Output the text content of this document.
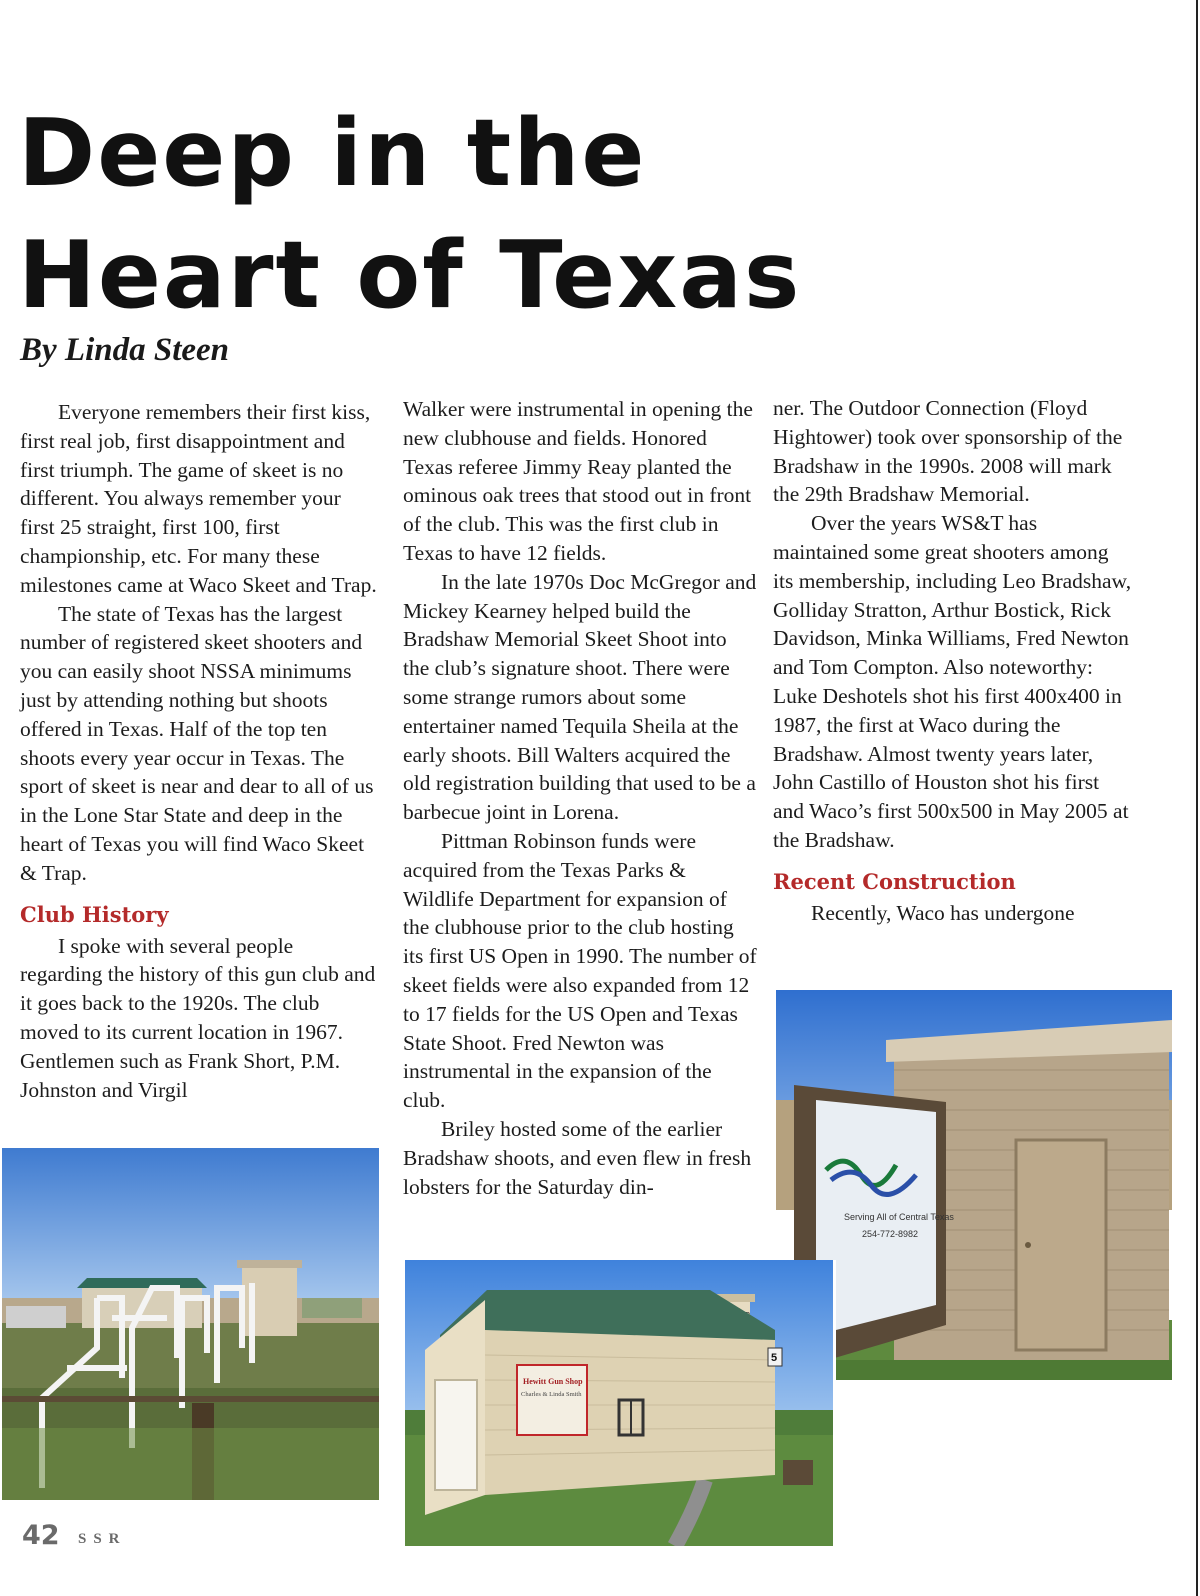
Deep in the
Heart of Texas
By Linda Steen

Everyone remembers their first kiss, first real job, first disappointment and first triumph. The game of skeet is no different. You always remember your first 25 straight, first 100, first championship, etc. For many these milestones came at Waco Skeet and Trap.

The state of Texas has the largest number of registered skeet shooters and you can easily shoot NSSA minimums just by attending nothing but shoots offered in Texas. Half of the top ten shoots every year occur in Texas. The sport of skeet is near and dear to all of us in the Lone Star State and deep in the heart of Texas you will find Waco Skeet & Trap.

Club History

I spoke with several people regarding the history of this gun club and it goes back to the 1920s. The club moved to its current location in 1967. Gentlemen such as Frank Short, P.M. Johnston and Virgil

Walker were instrumental in opening the new clubhouse and fields. Honored Texas referee Jimmy Reay planted the ominous oak trees that stood out in front of the club. This was the first club in Texas to have 12 fields.

In the late 1970s Doc McGregor and Mickey Kearney helped build the Bradshaw Memorial Skeet Shoot into the club’s signature shoot. There were some strange rumors about some entertainer named Tequila Sheila at the early shoots. Bill Walters acquired the old registration building that used to be a barbecue joint in Lorena.

Pittman Robinson funds were acquired from the Texas Parks & Wildlife Department for expansion of the clubhouse prior to the club hosting its first US Open in 1990. The number of skeet fields were also expanded from 12 to 17 fields for the US Open and Texas State Shoot. Fred Newton was instrumental in the expansion of the club.

Briley hosted some of the earlier Bradshaw shoots, and even flew in fresh lobsters for the Saturday din-

ner. The Outdoor Connection (Floyd Hightower) took over sponsorship of the Bradshaw in the 1990s. 2008 will mark the 29th Bradshaw Memorial.

Over the years WS&T has maintained some great shooters among its membership, including Leo Bradshaw, Golliday Stratton, Arthur Bostick, Rick Davidson, Minka Williams, Fred Newton and Tom Compton. Also noteworthy: Luke Deshotels shot his first 400x400 in 1987, the first at Waco during the Bradshaw. Almost twenty years later, John Castillo of Houston shot his first and Waco’s first 500x500 in May 2005 at the Bradshaw.

Recent Construction

Recently, Waco has undergone

Serving All of Central Texas
254-772-8982
Hewitt Gun Shop
Charles & Linda Smith
5
42 SSR
